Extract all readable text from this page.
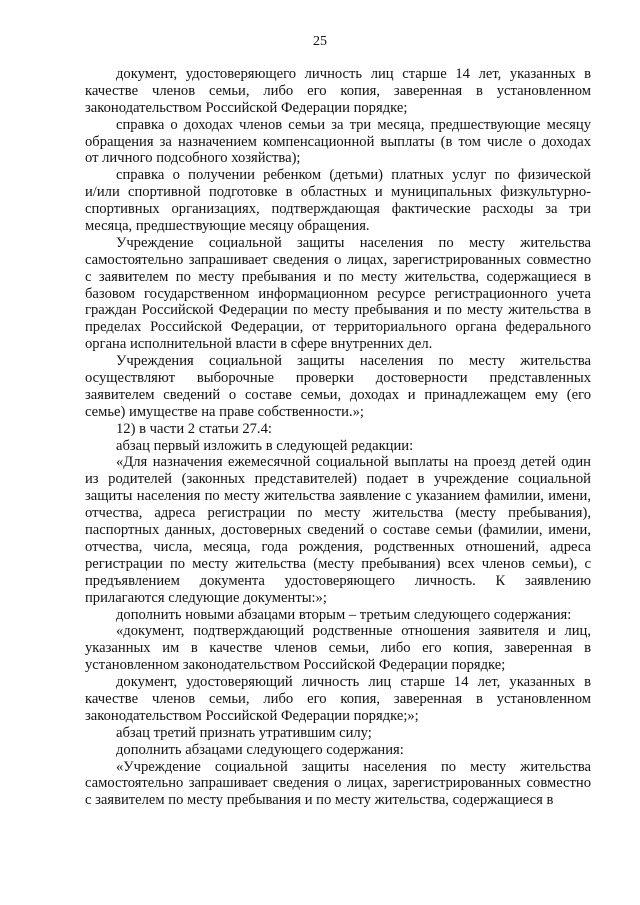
25
документ, удостоверяющего личность лиц старше 14 лет, указанных в
качестве членов семьи, либо его копия, заверенная в установленном
законодательством Российской Федерации порядке;
справка о доходах членов семьи за три месяца, предшествующие месяцу
обращения за назначением компенсационной выплаты (в том числе о доходах
от личного подсобного хозяйства);
справка о получении ребенком (детьми) платных услуг по физической
и/или спортивной подготовке в областных и муниципальных физкультурно-
спортивных организациях, подтверждающая фактические расходы за три
месяца, предшествующие месяцу обращения.
Учреждение социальной защиты населения по месту жительства
самостоятельно запрашивает сведения о лицах, зарегистрированных совместно
с заявителем по месту пребывания и по месту жительства, содержащиеся в
базовом государственном информационном ресурсе регистрационного учета
граждан Российской Федерации по месту пребывания и по месту жительства в
пределах Российской Федерации, от территориального органа федерального
органа исполнительной власти в сфере внутренних дел.
Учреждения социальной защиты населения по месту жительства
осуществляют выборочные проверки достоверности представленных
заявителем сведений о составе семьи, доходах и принадлежащем ему (его
семье) имуществе на праве собственности.»;
12) в части 2 статьи 27.4:
абзац первый изложить в следующей редакции:
«Для назначения ежемесячной социальной выплаты на проезд детей один
из родителей (законных представителей) подает в учреждение социальной
защиты населения по месту жительства заявление с указанием фамилии, имени,
отчества, адреса регистрации по месту жительства (месту пребывания),
паспортных данных, достоверных сведений о составе семьи (фамилии, имени,
отчества, числа, месяца, года рождения, родственных отношений, адреса
регистрации по месту жительства (месту пребывания) всех членов семьи), с
предъявлением документа удостоверяющего личность. К заявлению
прилагаются следующие документы:»;
дополнить новыми абзацами вторым – третьим следующего содержания:
«документ, подтверждающий родственные отношения заявителя и лиц,
указанных им в качестве членов семьи, либо его копия, заверенная в
установленном законодательством Российской Федерации порядке;
документ, удостоверяющий личность лиц старше 14 лет, указанных в
качестве членов семьи, либо его копия, заверенная в установленном
законодательством Российской Федерации порядке;»;
абзац третий признать утратившим силу;
дополнить абзацами следующего содержания:
«Учреждение социальной защиты населения по месту жительства
самостоятельно запрашивает сведения о лицах, зарегистрированных совместно
с заявителем по месту пребывания и по месту жительства, содержащиеся в
